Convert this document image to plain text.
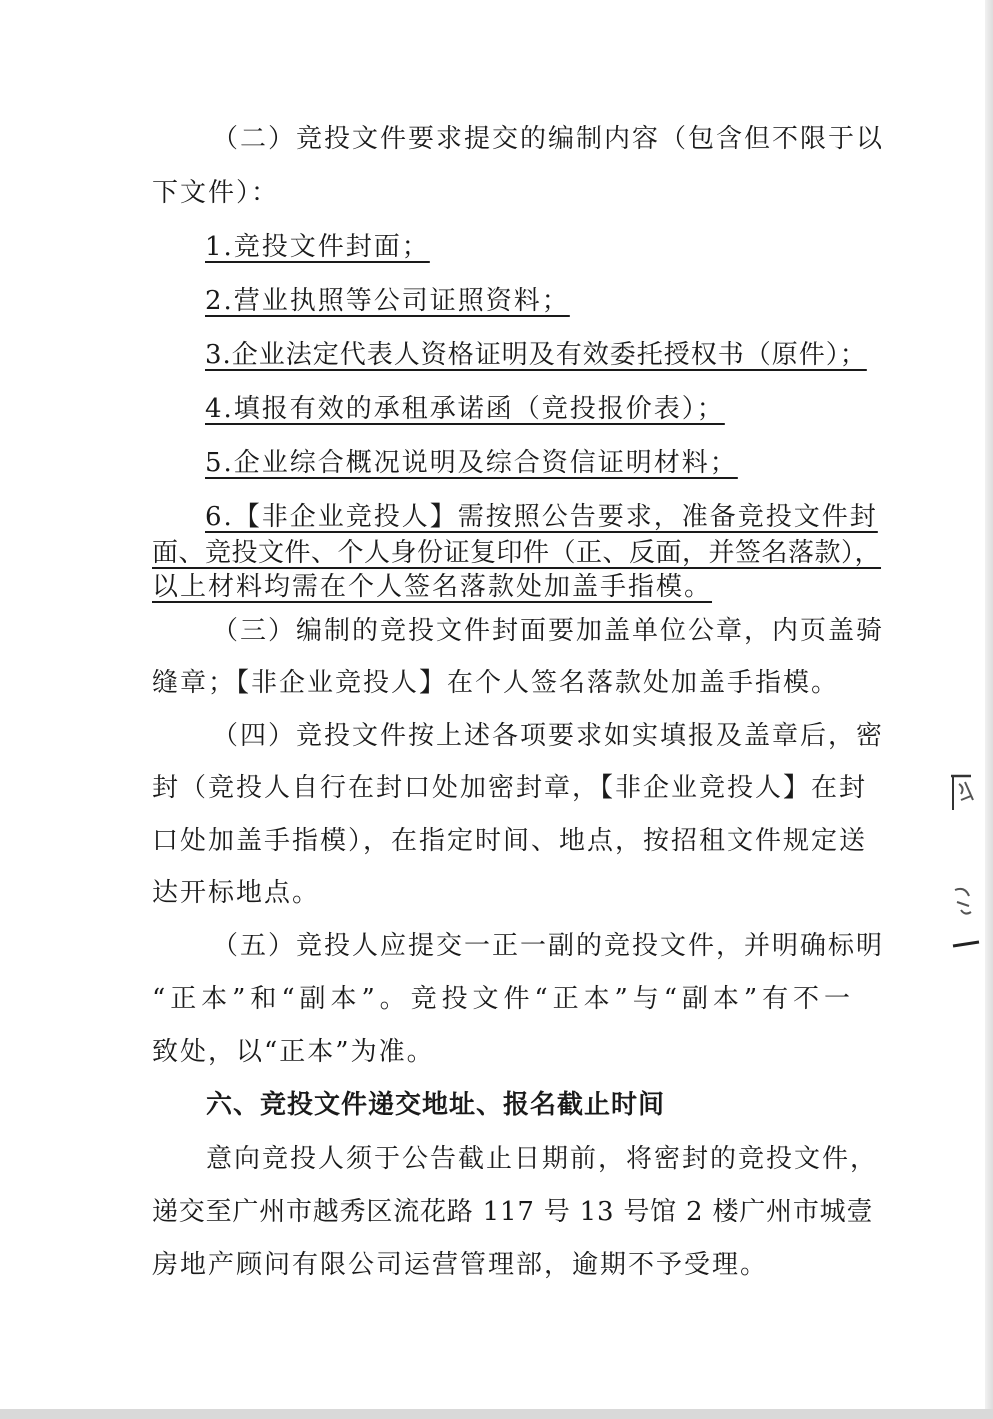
（二）竞投文件要求提交的编制内容（包含但不限于以
下文件）：
1.竞投文件封面；
2.营业执照等公司证照资料；
3.企业法定代表人资格证明及有效委托授权书（原件）；
4.填报有效的承租承诺函（竞投报价表）；
5.企业综合概况说明及综合资信证明材料；
6.【非企业竞投人】需按照公告要求，准备竞投文件封
面、竞投文件、个人身份证复印件（正、反面，并签名落款），
以上材料均需在个人签名落款处加盖手指模。
（三）编制的竞投文件封面要加盖单位公章，内页盖骑
缝章；【非企业竞投人】在个人签名落款处加盖手指模。
（四）竞投文件按上述各项要求如实填报及盖章后，密
封（竞投人自行在封口处加密封章，【非企业竞投人】在封
口处加盖手指模），在指定时间、地点，按招租文件规定送
达开标地点。
（五）竞投人应提交一正一副的竞投文件，并明确标明
“正本”和“副本”。竞投文件“正本”与“副本”有不一
致处，以“正本”为准。
六、竞投文件递交地址、报名截止时间
意向竞投人须于公告截止日期前，将密封的竞投文件，
递交至广州市越秀区流花路 117 号 13 号馆 2 楼广州市城壹
房地产顾问有限公司运营管理部，逾期不予受理。
